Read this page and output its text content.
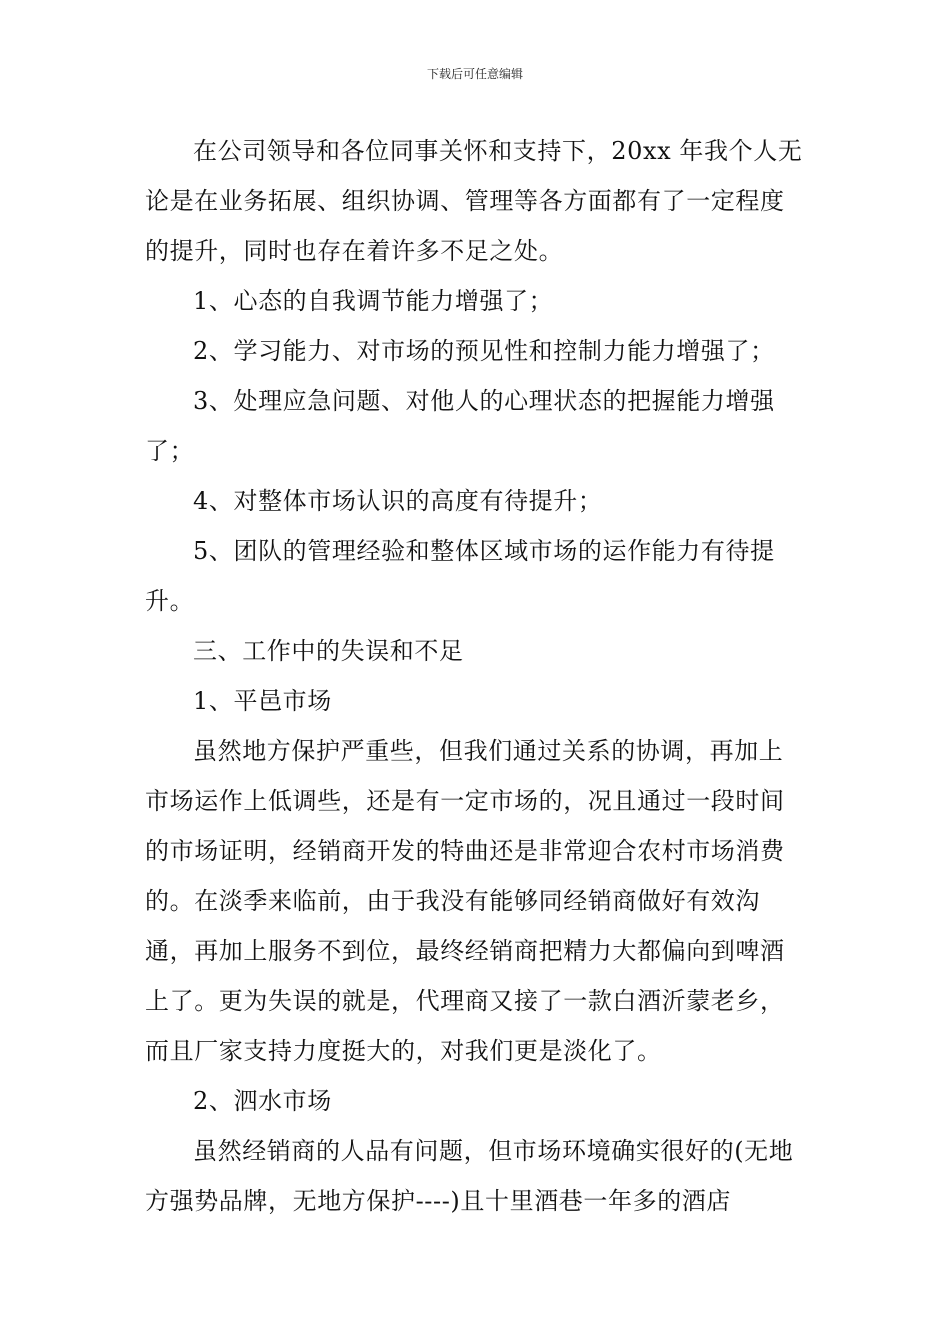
下载后可任意编辑

在公司领导和各位同事关怀和支持下，20xx 年我个人无论是在业务拓展、组织协调、管理等各方面都有了一定程度的提升，同时也存在着许多不足之处。

1、心态的自我调节能力增强了；

2、学习能力、对市场的预见性和控制力能力增强了；

3、处理应急问题、对他人的心理状态的把握能力增强了；

4、对整体市场认识的高度有待提升；

5、团队的管理经验和整体区域市场的运作能力有待提升。

三、工作中的失误和不足

1、平邑市场

虽然地方保护严重些，但我们通过关系的协调，再加上市场运作上低调些，还是有一定市场的，况且通过一段时间的市场证明，经销商开发的特曲还是非常迎合农村市场消费的。在淡季来临前，由于我没有能够同经销商做好有效沟通，再加上服务不到位，最终经销商把精力大都偏向到啤酒上了。更为失误的就是，代理商又接了一款白酒沂蒙老乡，而且厂家支持力度挺大的，对我们更是淡化了。

2、泗水市场

虽然经销商的人品有问题，但市场环境确实很好的(无地方强势品牌，无地方保护----)且十里酒巷一年多的酒店
